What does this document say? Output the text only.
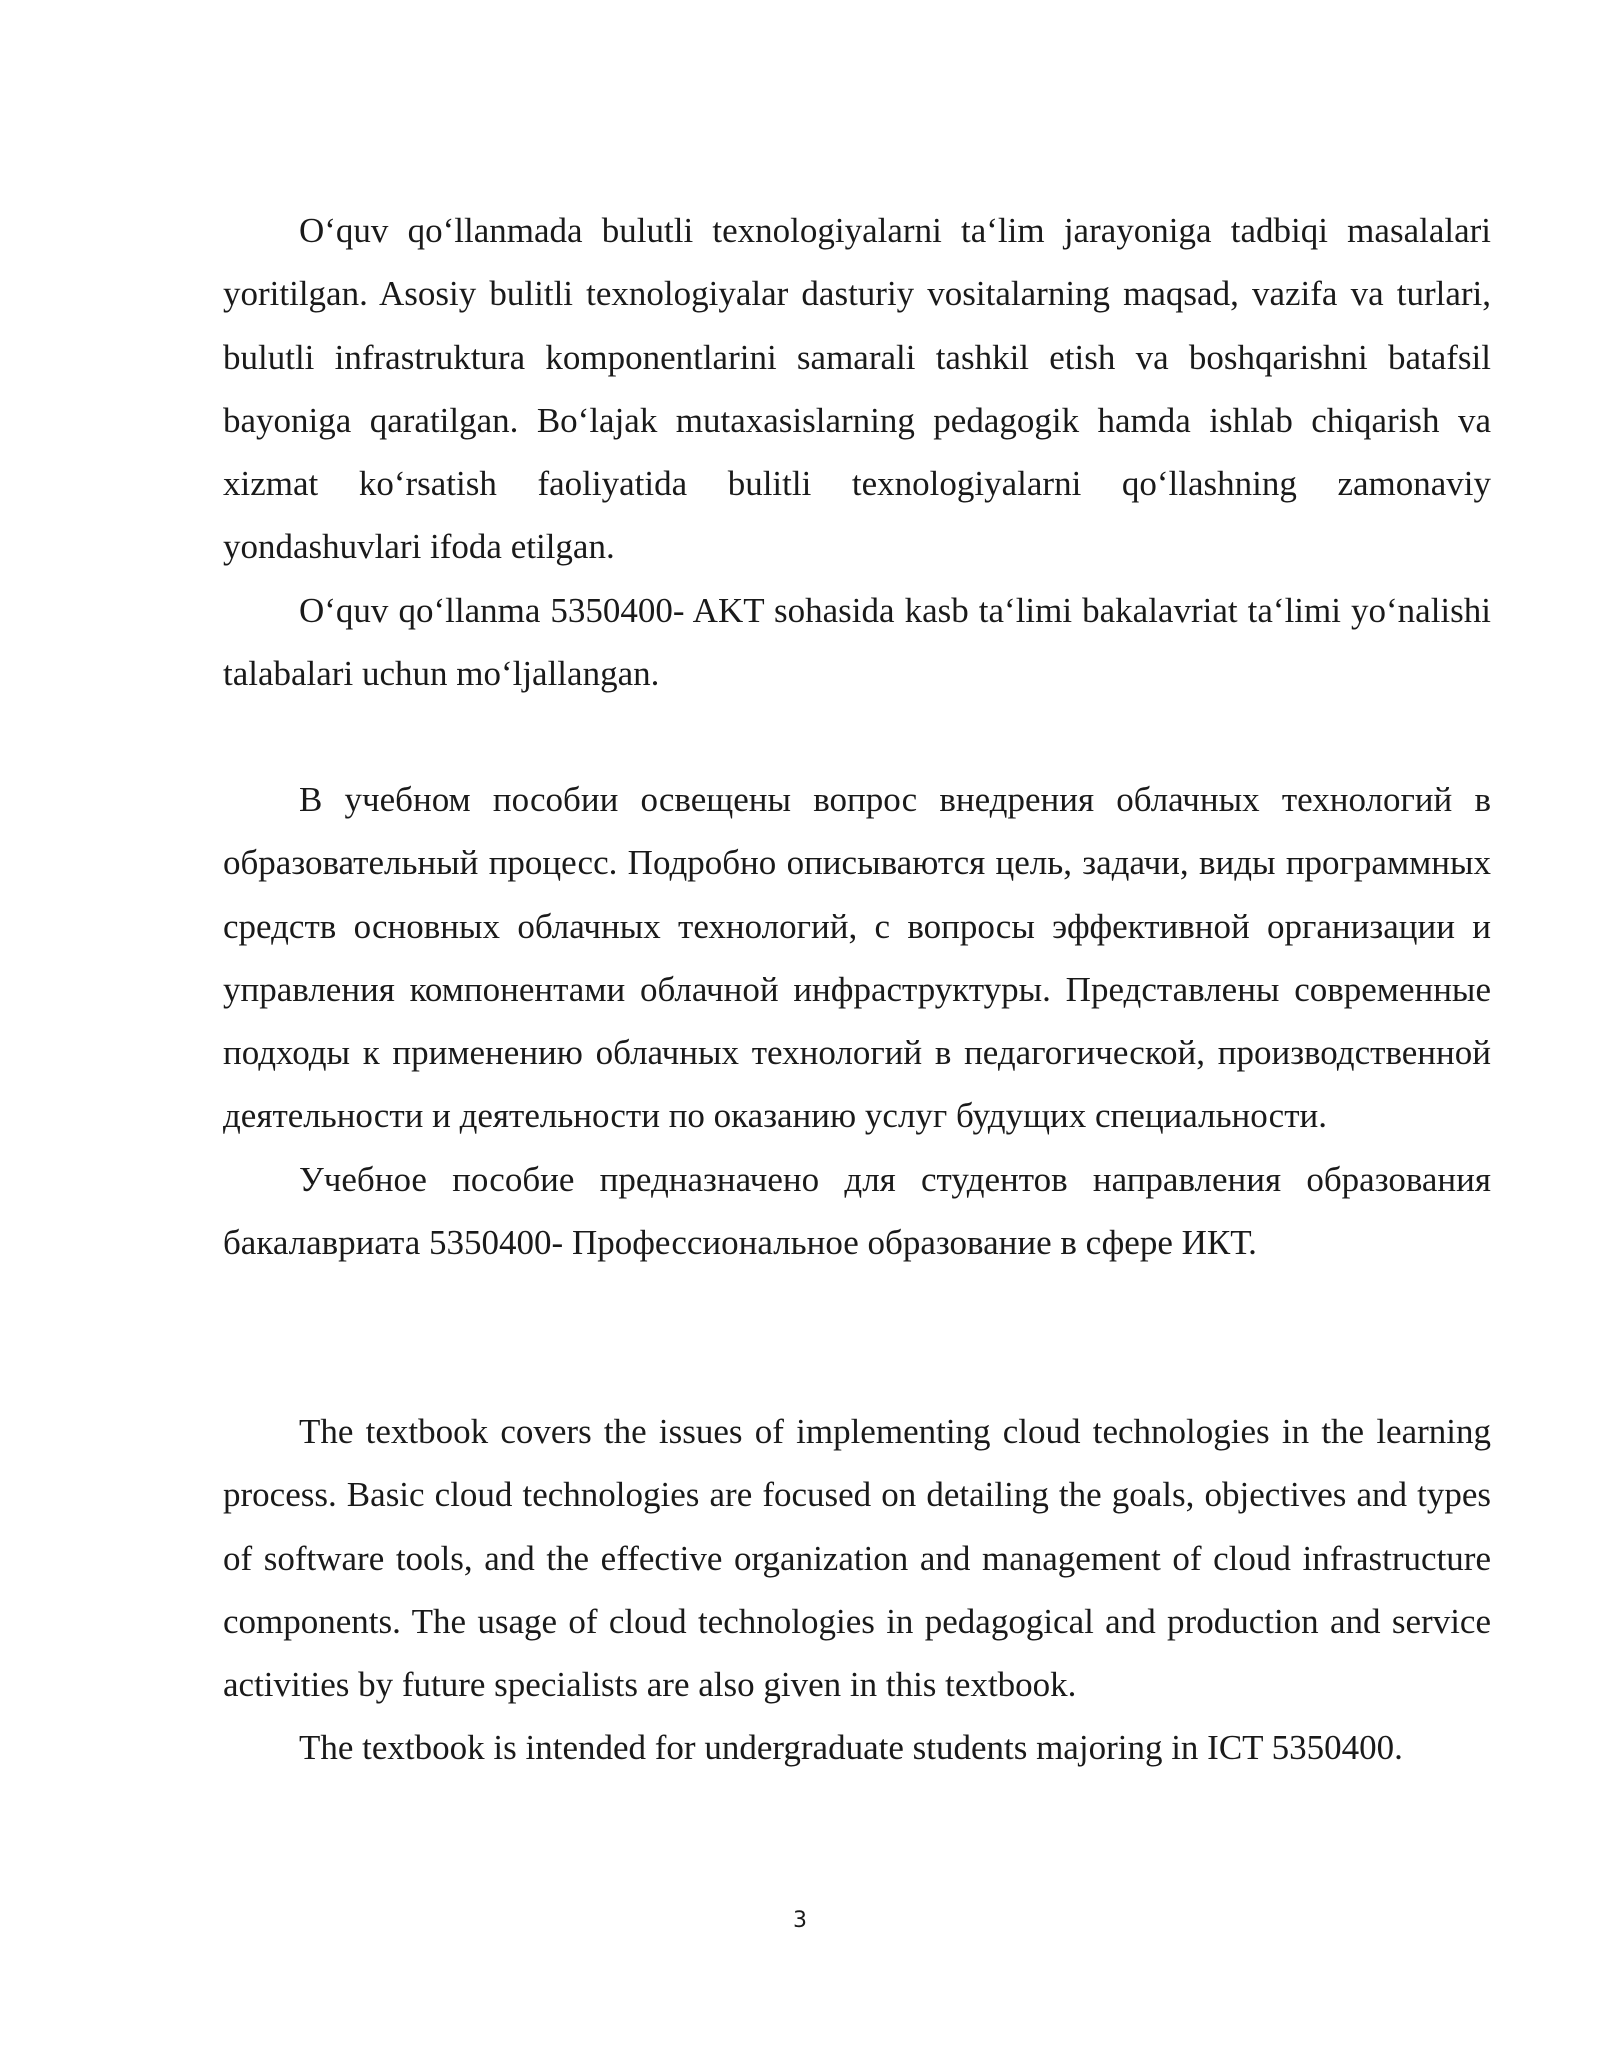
O‘quv qo‘llanmada bulutli texnologiyalarni ta‘lim jarayoniga tadbiqi masalalari yoritilgan. Asosiy bulitli texnologiyalar dasturiy vositalarning maqsad, vazifa va turlari, bulutli infrastruktura komponentlarini samarali tashkil etish va boshqarishni batafsil bayoniga qaratilgan. Bo‘lajak mutaxasislarning pedagogik hamda ishlab chiqarish va xizmat ko‘rsatish faoliyatida bulitli texnologiyalarni qo‘llashning zamonaviy yondashuvlari ifoda etilgan.

O‘quv qo‘llanma 5350400- AKT sohasida kasb ta‘limi bakalavriat ta‘limi yo‘nalishi talabalari uchun mo‘ljallangan.

В учебном пособии освещены вопрос внедрения облачных технологий в образовательный процесс. Подробно описываются цель, задачи, виды программных средств основных облачных технологий, с вопросы эффективной организации и управления компонентами облачной инфраструктуры. Представлены современные подходы к применению облачных технологий в педагогической, производственной деятельности и деятельности по оказанию услуг будущих специальности.

Учебное пособие предназначено для студентов направления образования бакалавриата 5350400- Профессиональное образование в сфере ИКТ.

The textbook covers the issues of implementing cloud technologies in the learning process. Basic cloud technologies are focused on detailing the goals, objectives and types of software tools, and the effective organization and management of cloud infrastructure components. The usage of cloud technologies in pedagogical and production and service activities by future specialists are also given in this textbook.

The textbook is intended for undergraduate students majoring in ICT 5350400.

3
